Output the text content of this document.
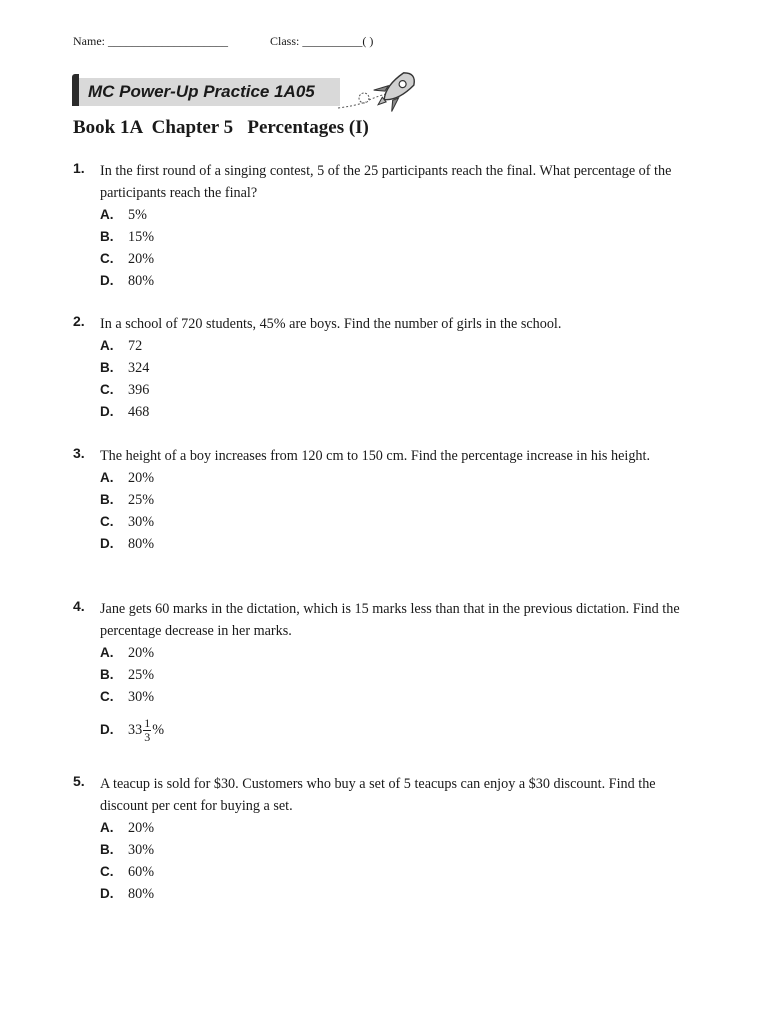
Name: ____________________	Class: __________( )
MC Power-Up Practice 1A05
Book 1A  Chapter 5   Percentages (I)
1. In the first round of a singing contest, 5 of the 25 participants reach the final. What percentage of the participants reach the final?
A. 5%
B. 15%
C. 20%
D. 80%
2. In a school of 720 students, 45% are boys. Find the number of girls in the school.
A. 72
B. 324
C. 396
D. 468
3. The height of a boy increases from 120 cm to 150 cm. Find the percentage increase in his height.
A. 20%
B. 25%
C. 30%
D. 80%
4. Jane gets 60 marks in the dictation, which is 15 marks less than that in the previous dictation. Find the percentage decrease in her marks.
A. 20%
B. 25%
C. 30%
D. $33 \frac{1}{3}$ %
5. A teacup is sold for $30. Customers who buy a set of 5 teacups can enjoy a $30 discount. Find the discount per cent for buying a set.
A. 20%
B. 30%
C. 60%
D. 80%
